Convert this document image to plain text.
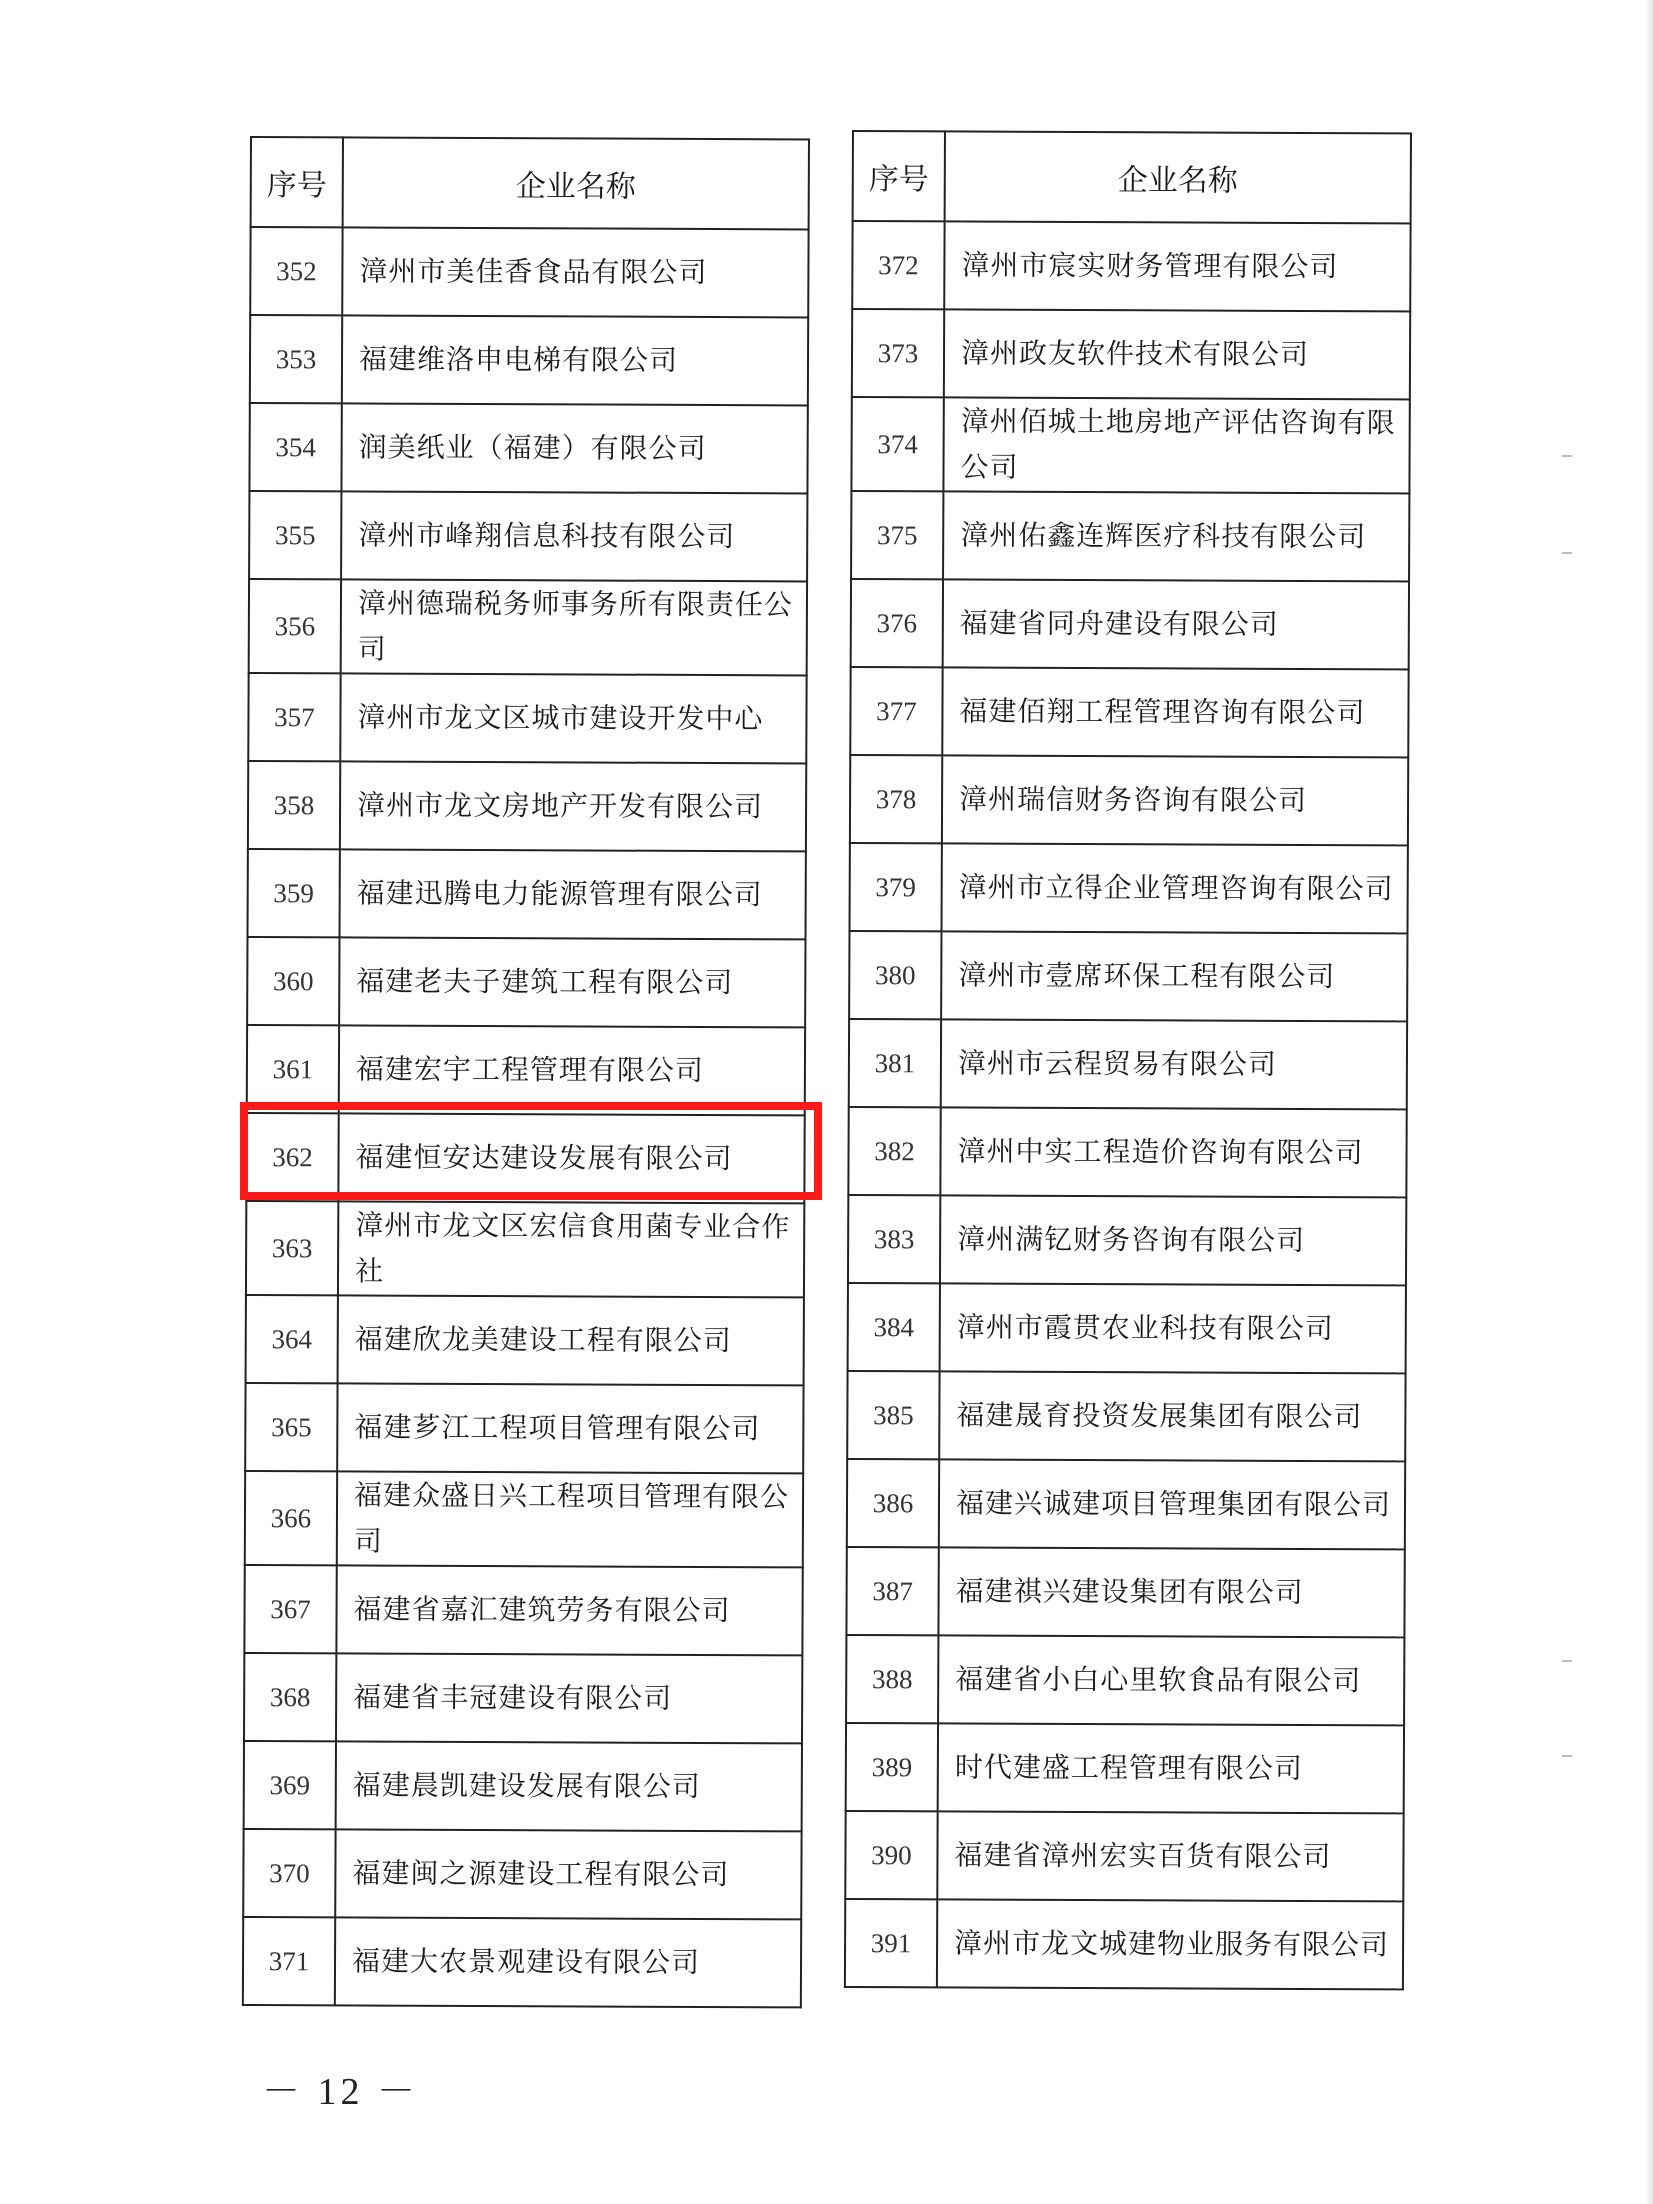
序号	企业名称
352	漳州市美佳香食品有限公司
353	福建维洛申电梯有限公司
354	润美纸业（福建）有限公司
355	漳州市峰翔信息科技有限公司
356	漳州德瑞税务师事务所有限责任公司
357	漳州市龙文区城市建设开发中心
358	漳州市龙文房地产开发有限公司
359	福建迅腾电力能源管理有限公司
360	福建老夫子建筑工程有限公司
361	福建宏宇工程管理有限公司
362	福建恒安达建设发展有限公司
363	漳州市龙文区宏信食用菌专业合作社
364	福建欣龙美建设工程有限公司
365	福建芗江工程项目管理有限公司
366	福建众盛日兴工程项目管理有限公司
367	福建省嘉汇建筑劳务有限公司
368	福建省丰冠建设有限公司
369	福建晨凯建设发展有限公司
370	福建闽之源建设工程有限公司
371	福建大农景观建设有限公司
序号	企业名称
372	漳州市宸实财务管理有限公司
373	漳州政友软件技术有限公司
374	漳州佰城土地房地产评估咨询有限公司
375	漳州佑鑫连辉医疗科技有限公司
376	福建省同舟建设有限公司
377	福建佰翔工程管理咨询有限公司
378	漳州瑞信财务咨询有限公司
379	漳州市立得企业管理咨询有限公司
380	漳州市壹席环保工程有限公司
381	漳州市云程贸易有限公司
382	漳州中实工程造价咨询有限公司
383	漳州满钇财务咨询有限公司
384	漳州市霞贯农业科技有限公司
385	福建晟育投资发展集团有限公司
386	福建兴诚建项目管理集团有限公司
387	福建祺兴建设集团有限公司
388	福建省小白心里软食品有限公司
389	时代建盛工程管理有限公司
390	福建省漳州宏实百货有限公司
391	漳州市龙文城建物业服务有限公司
－ 12 －
